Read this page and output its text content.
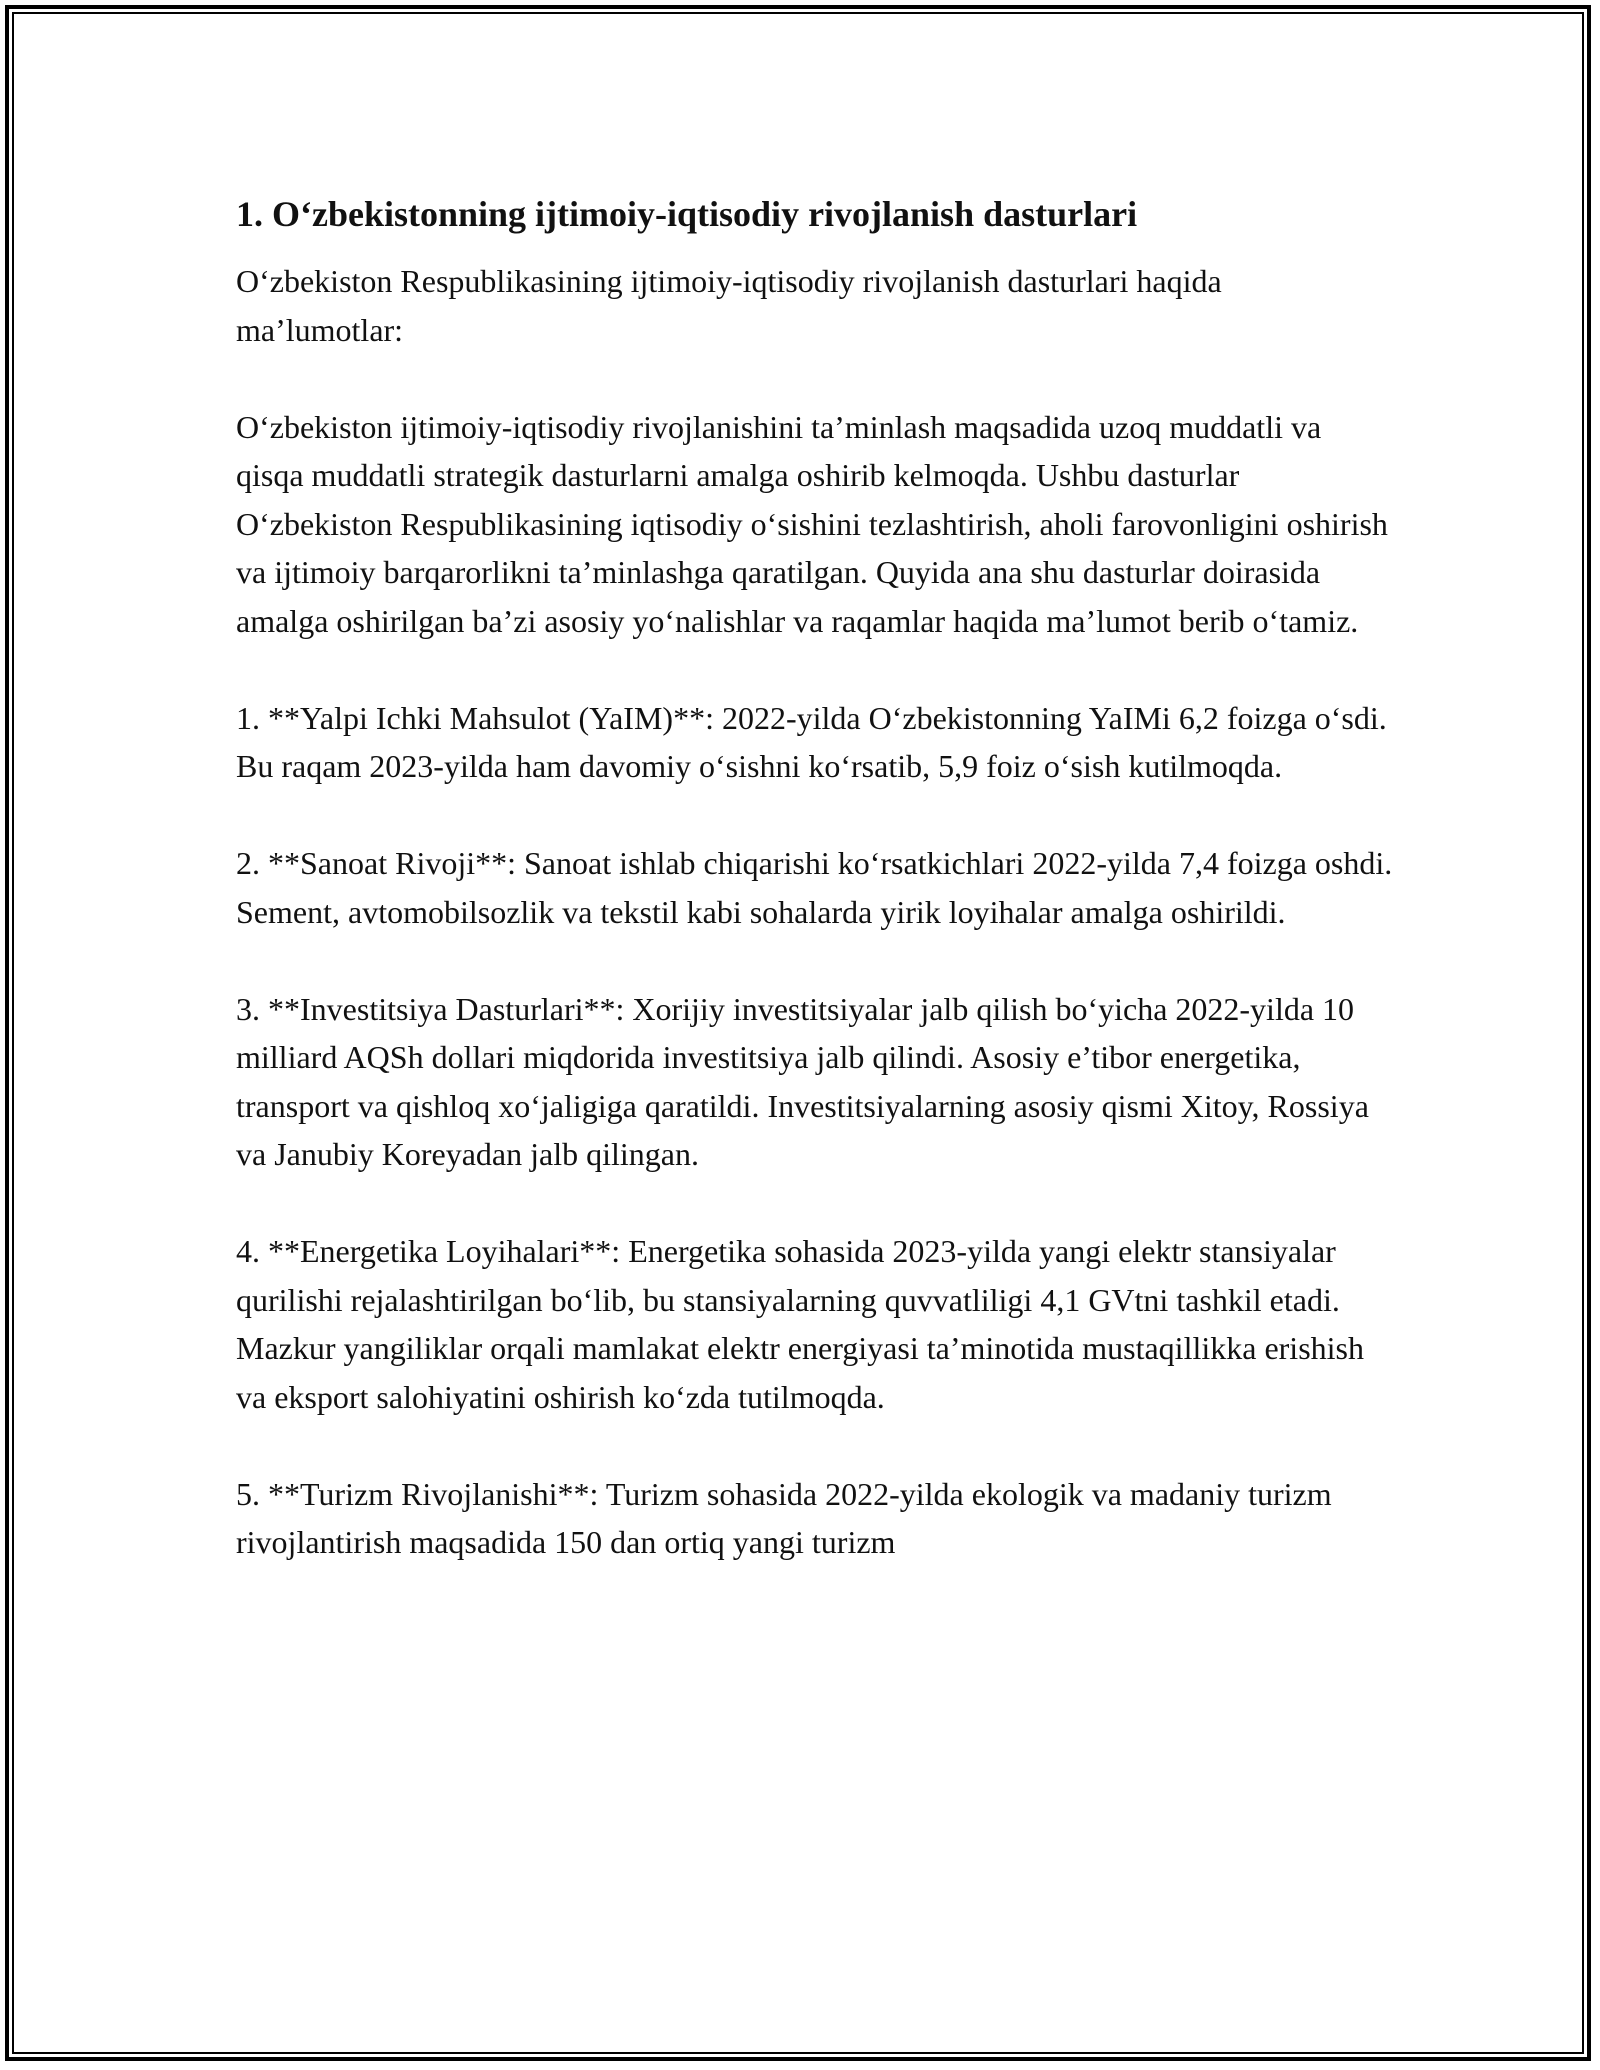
1. O‘zbekistonning ijtimoiy-iqtisodiy rivojlanish dasturlari

O‘zbekiston Respublikasining ijtimoiy-iqtisodiy rivojlanish dasturlari haqida ma’lumotlar:

O‘zbekiston ijtimoiy-iqtisodiy rivojlanishini ta’minlash maqsadida uzoq muddatli va qisqa muddatli strategik dasturlarni amalga oshirib kelmoqda. Ushbu dasturlar O‘zbekiston Respublikasining iqtisodiy o‘sishini tezlashtirish, aholi farovonligini oshirish va ijtimoiy barqarorlikni ta’minlashga qaratilgan. Quyida ana shu dasturlar doirasida amalga oshirilgan ba’zi asosiy yo‘nalishlar va raqamlar haqida ma’lumot berib o‘tamiz.

1. **Yalpi Ichki Mahsulot (YaIM)**: 2022-yilda O‘zbekistonning YaIMi 6,2 foizga o‘sdi. Bu raqam 2023-yilda ham davomiy o‘sishni ko‘rsatib, 5,9 foiz o‘sish kutilmoqda.

2. **Sanoat Rivoji**: Sanoat ishlab chiqarishi ko‘rsatkichlari 2022-yilda 7,4 foizga oshdi. Sement, avtomobilsozlik va tekstil kabi sohalarda yirik loyihalar amalga oshirildi.

3. **Investitsiya Dasturlari**: Xorijiy investitsiyalar jalb qilish bo‘yicha 2022-yilda 10 milliard AQSh dollari miqdorida investitsiya jalb qilindi. Asosiy e’tibor energetika, transport va qishloq xo‘jaligiga qaratildi. Investitsiyalarning asosiy qismi Xitoy, Rossiya va Janubiy Koreyadan jalb qilingan.

4. **Energetika Loyihalari**: Energetika sohasida 2023-yilda yangi elektr stansiyalar qurilishi rejalashtirilgan bo‘lib, bu stansiyalarning quvvatliligi 4,1 GVtni tashkil etadi. Mazkur yangiliklar orqali mamlakat elektr energiyasi ta’minotida mustaqillikka erishish va eksport salohiyatini oshirish ko‘zda tutilmoqda.

5. **Turizm Rivojlanishi**: Turizm sohasida 2022-yilda ekologik va madaniy turizm rivojlantirish maqsadida 150 dan ortiq yangi turizm
